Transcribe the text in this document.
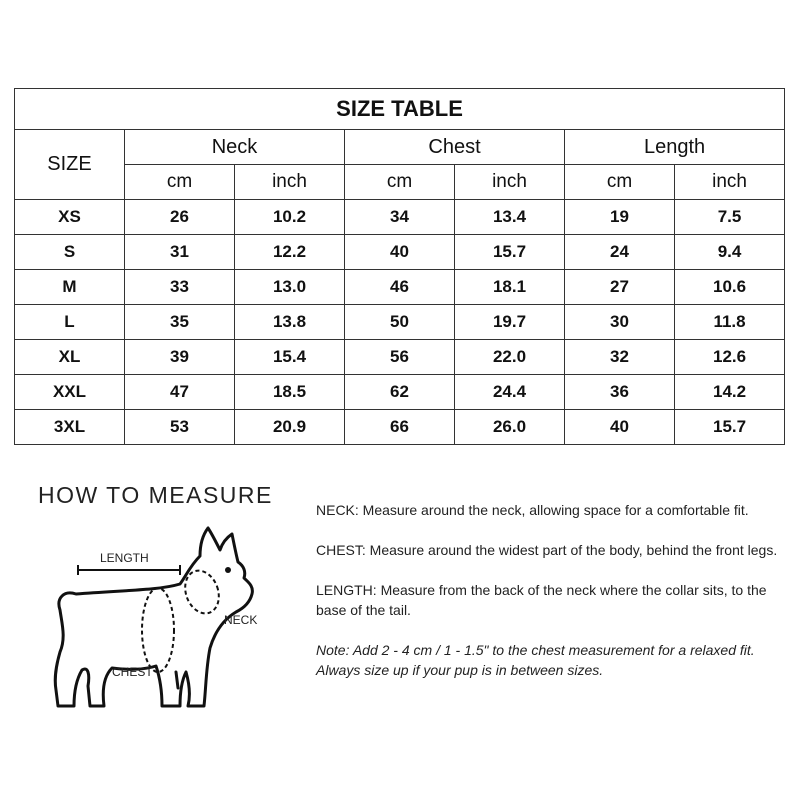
SIZE TABLE						
SIZE	Neck		Chest		Length	
	cm	inch	cm	inch	cm	inch
XS	26	10.2	34	13.4	19	7.5
S	31	12.2	40	15.7	24	9.4
M	33	13.0	46	18.1	27	10.6
L	35	13.8	50	19.7	30	11.8
XL	39	15.4	56	22.0	32	12.6
XXL	47	18.5	62	24.4	36	14.2
3XL	53	20.9	66	26.0	40	15.7
HOW TO MEASURE
LENGTH
NECK
CHEST

NECK: Measure around the neck, allowing space for a comfortable fit.

CHEST: Measure around the widest part of the body, behind the front legs.

LENGTH: Measure from the back of the neck where the collar sits, to the base of the tail.

Note: Add 2 - 4 cm / 1 - 1.5" to the chest measurement for a relaxed fit. Always size up if your pup is in between sizes.
